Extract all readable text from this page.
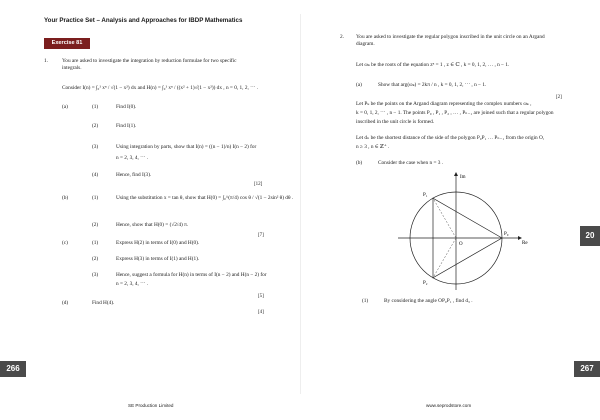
Your Practice Set – Analysis and Approaches for IBDP Mathematics
Exercise 81
1.	You are asked to investigate the integration by reduction formulae for two specific
integrals.
Consider I(n) = ∫₀¹ xⁿ / √(1 − x²) dx and H(n) = ∫₀¹ xⁿ / ((x² + 1)√(1 − x²)) dx , n = 0, 1, 2, ⋯ .
(a)	(1)	Find I(0).
(2)	Find I(1).
(3)	Using integration by parts, show that I(n) = ((n − 1)/n) I(n − 2) for
n = 2, 3, 4, ⋯ .
(4)	Hence, find I(3).
[12]
(b)	(1)	Using the substitution x = tan θ, show that H(0) = ∫₀^(π/4) cos θ / √(1 − 2sin² θ) dθ .
(2)	Hence, show that H(0) = (√2/4) π.
[7]
(c)	(1)	Express H(2) in terms of I(0) and H(0).
(2)	Express H(3) in terms of I(1) and H(1).
(3)	Hence, suggest a formula for H(n) in terms of I(n − 2) and H(n − 2) for
n = 2, 3, 4, ⋯ .
[5]
(d)	Find H(4).
[4]
266
SE Production Limited
2. You are asked to investigate the regular polygon inscribed in the unit circle on an Argand
diagram.
Let ωₖ be the roots of the equation zⁿ = 1 , z ∈ ℂ , k = 0, 1, 2, … , n − 1.
(a)	Show that arg(ωₖ) = 2kπ / n , k = 0, 1, 2, ⋯ , n − 1.
[2]
Let Pₖ be the points on the Argand diagram representing the complex numbers ωₖ ,
k = 0, 1, 2, ⋯ , n − 1. The points P₀ , P₁ , P₂ , … , Pₙ₋₁ are joined such that a regular polygon
inscribed in the unit circle is formed.
Let dₙ be the shortest distance of the side of the polygon P₀P₁ … Pₙ₋₁ from the origin O,
n ≥ 3 , n ∈ ℤ⁺ .
(b)	Consider the case when n = 3 .
Im
Re
O
P₀
P₁
P₂
(1)	By considering the angle OP₀P₁ , find d₃ .
20
267
www.seprodstore.com
